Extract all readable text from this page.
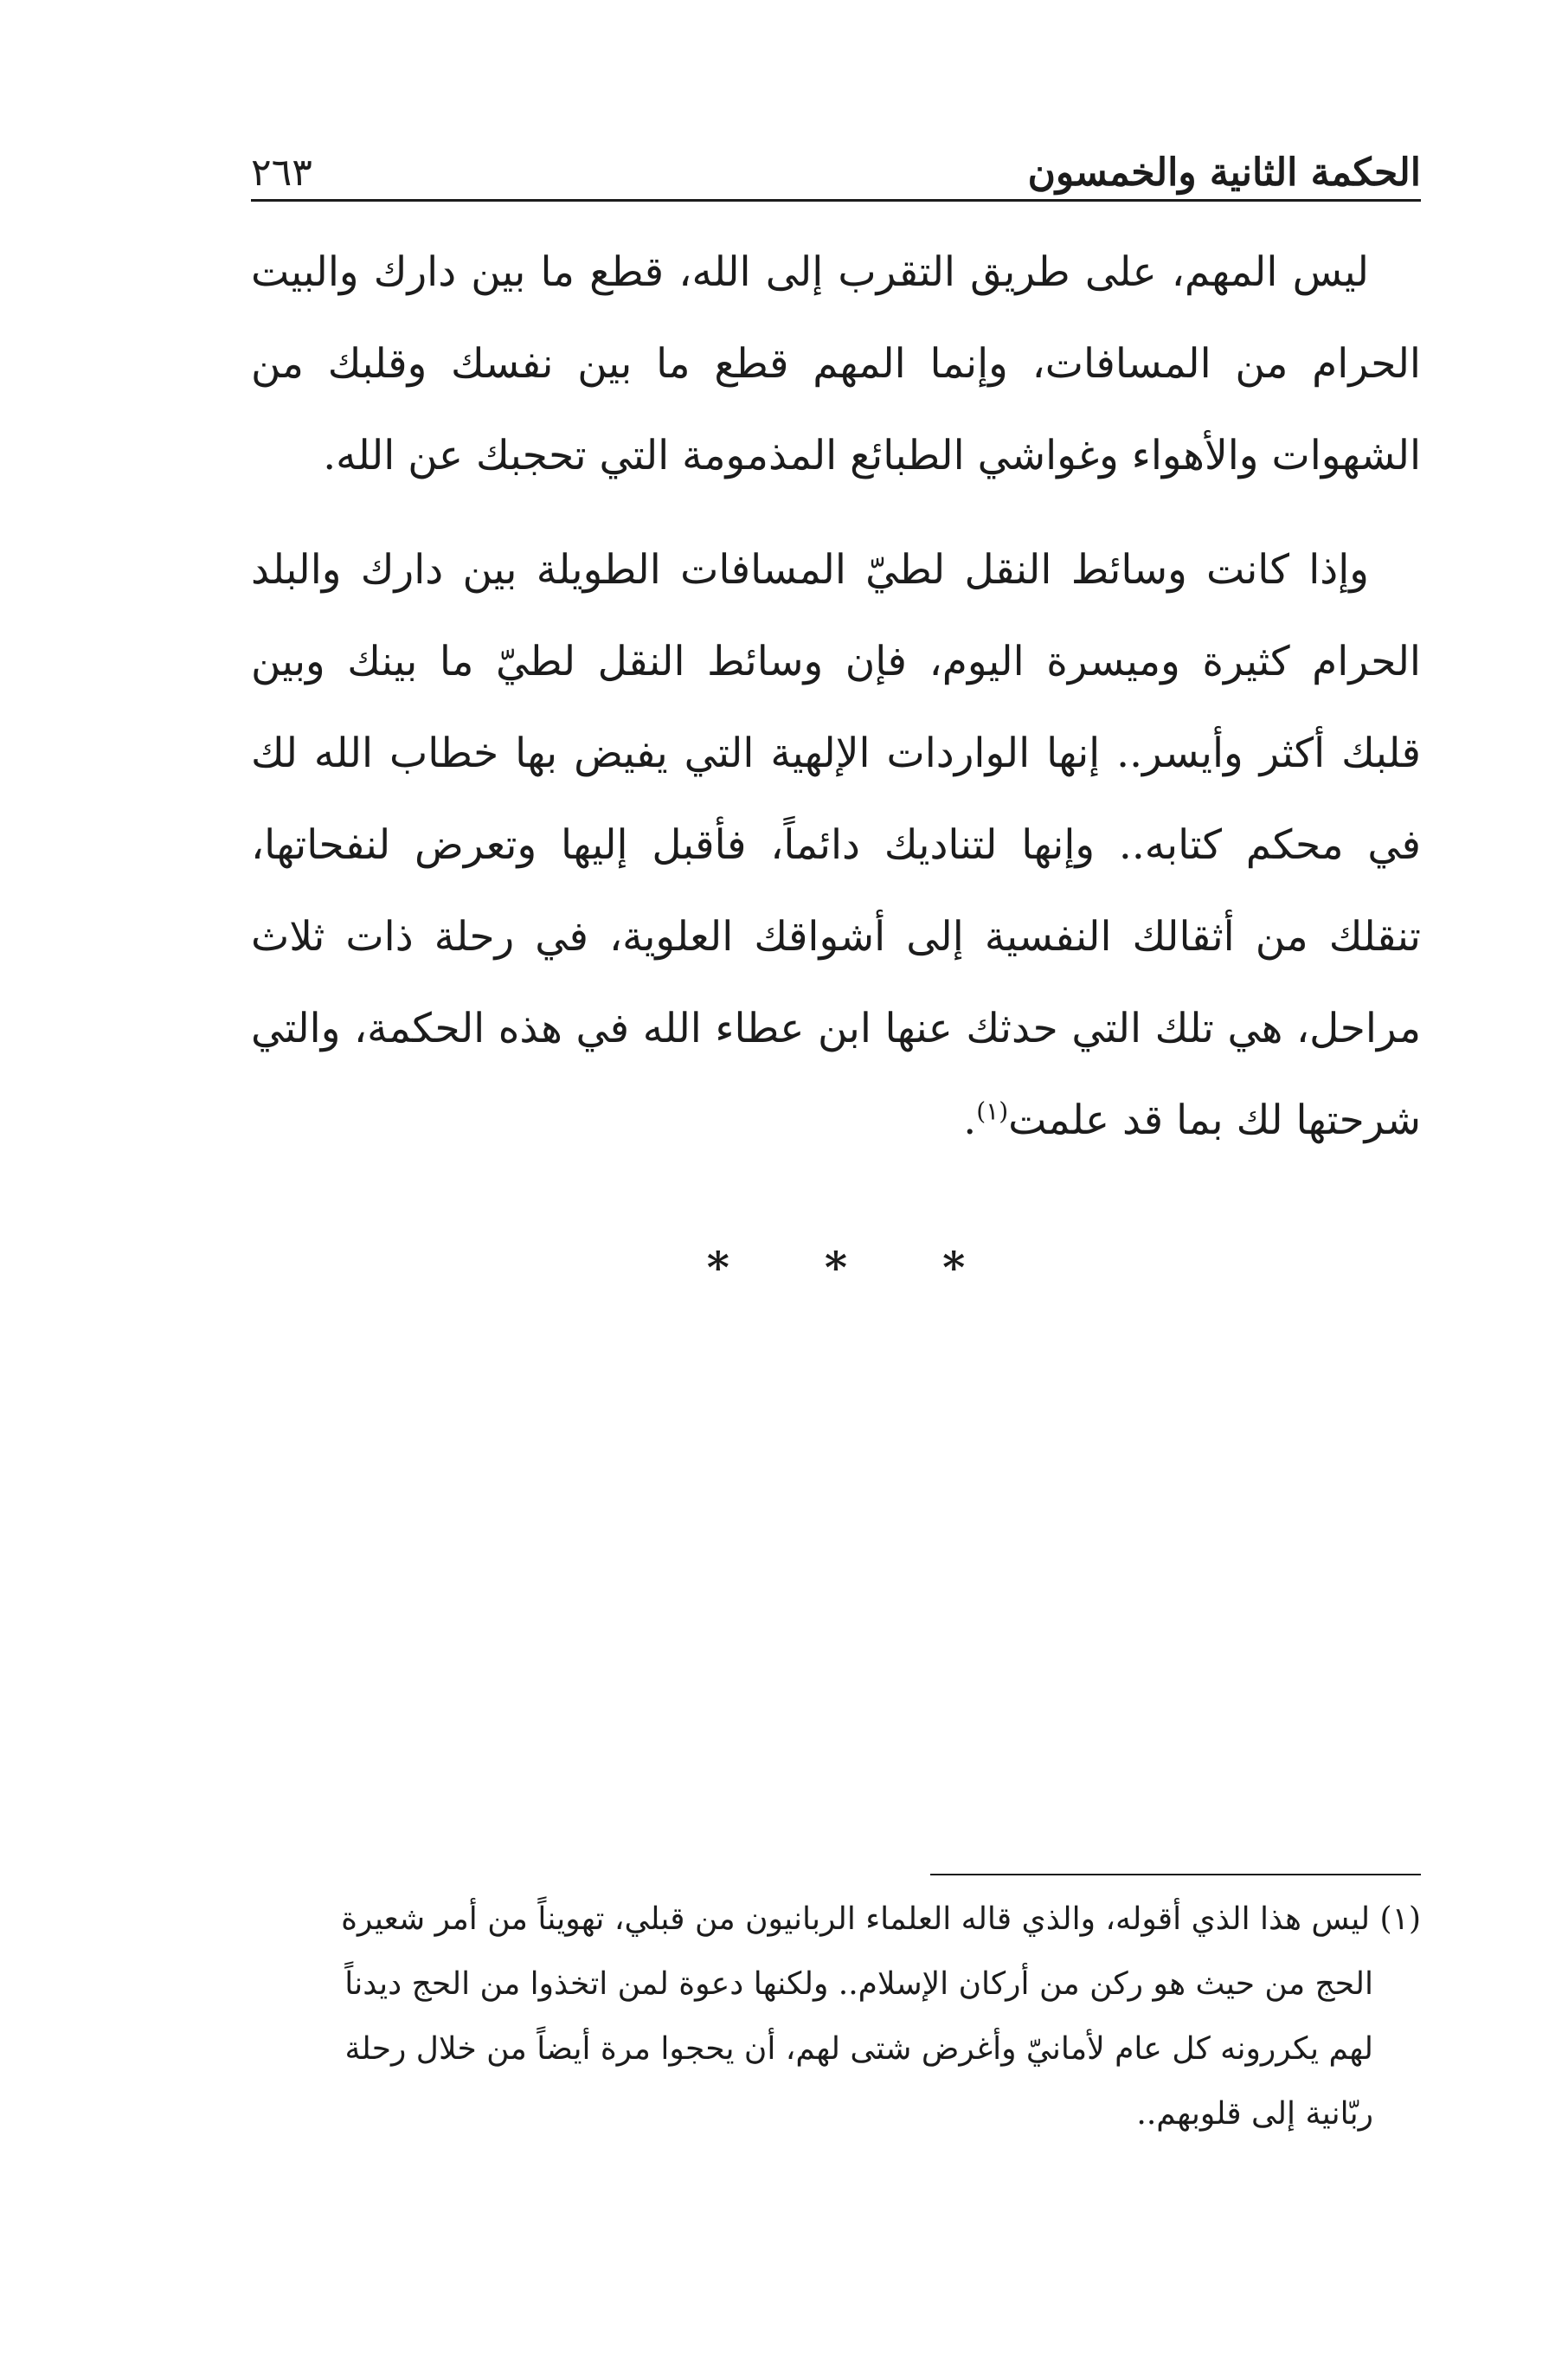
الحكمة الثانية والخمسون
٢٦٣

ليس المهم، على طريق التقرب إلى الله، قطع ما بين دارك والبيت الحرام من المسافات، وإنما المهم قطع ما بين نفسك وقلبك من الشهوات والأهواء وغواشي الطبائع المذمومة التي تحجبك عن الله.

وإذا كانت وسائط النقل لطيّ المسافات الطويلة بين دارك والبلد الحرام كثيرة وميسرة اليوم، فإن وسائط النقل لطيّ ما بينك وبين قلبك أكثر وأيسر.. إنها الواردات الإلهية التي يفيض بها خطاب الله لك في محكم كتابه.. وإنها لتناديك دائماً، فأقبل إليها وتعرض لنفحاتها، تنقلك من أثقالك النفسية إلى أشواقك العلوية، في رحلة ذات ثلاث مراحل، هي تلك التي حدثك عنها ابن عطاء الله في هذه الحكمة، والتي شرحتها لك بما قد علمت$^{(١)}$.

*
*
*
(١) ليس هذا الذي أقوله، والذي قاله العلماء الربانيون من قبلي، تهويناً من أمر شعيرة
الحج من حيث هو ركن من أركان الإسلام.. ولكنها دعوة لمن اتخذوا من الحج ديدناً
لهم يكررونه كل عام لأمانيّ وأغرض شتى لهم، أن يحجوا مرة أيضاً من خلال رحلة
ربّانية إلى قلوبهم..
